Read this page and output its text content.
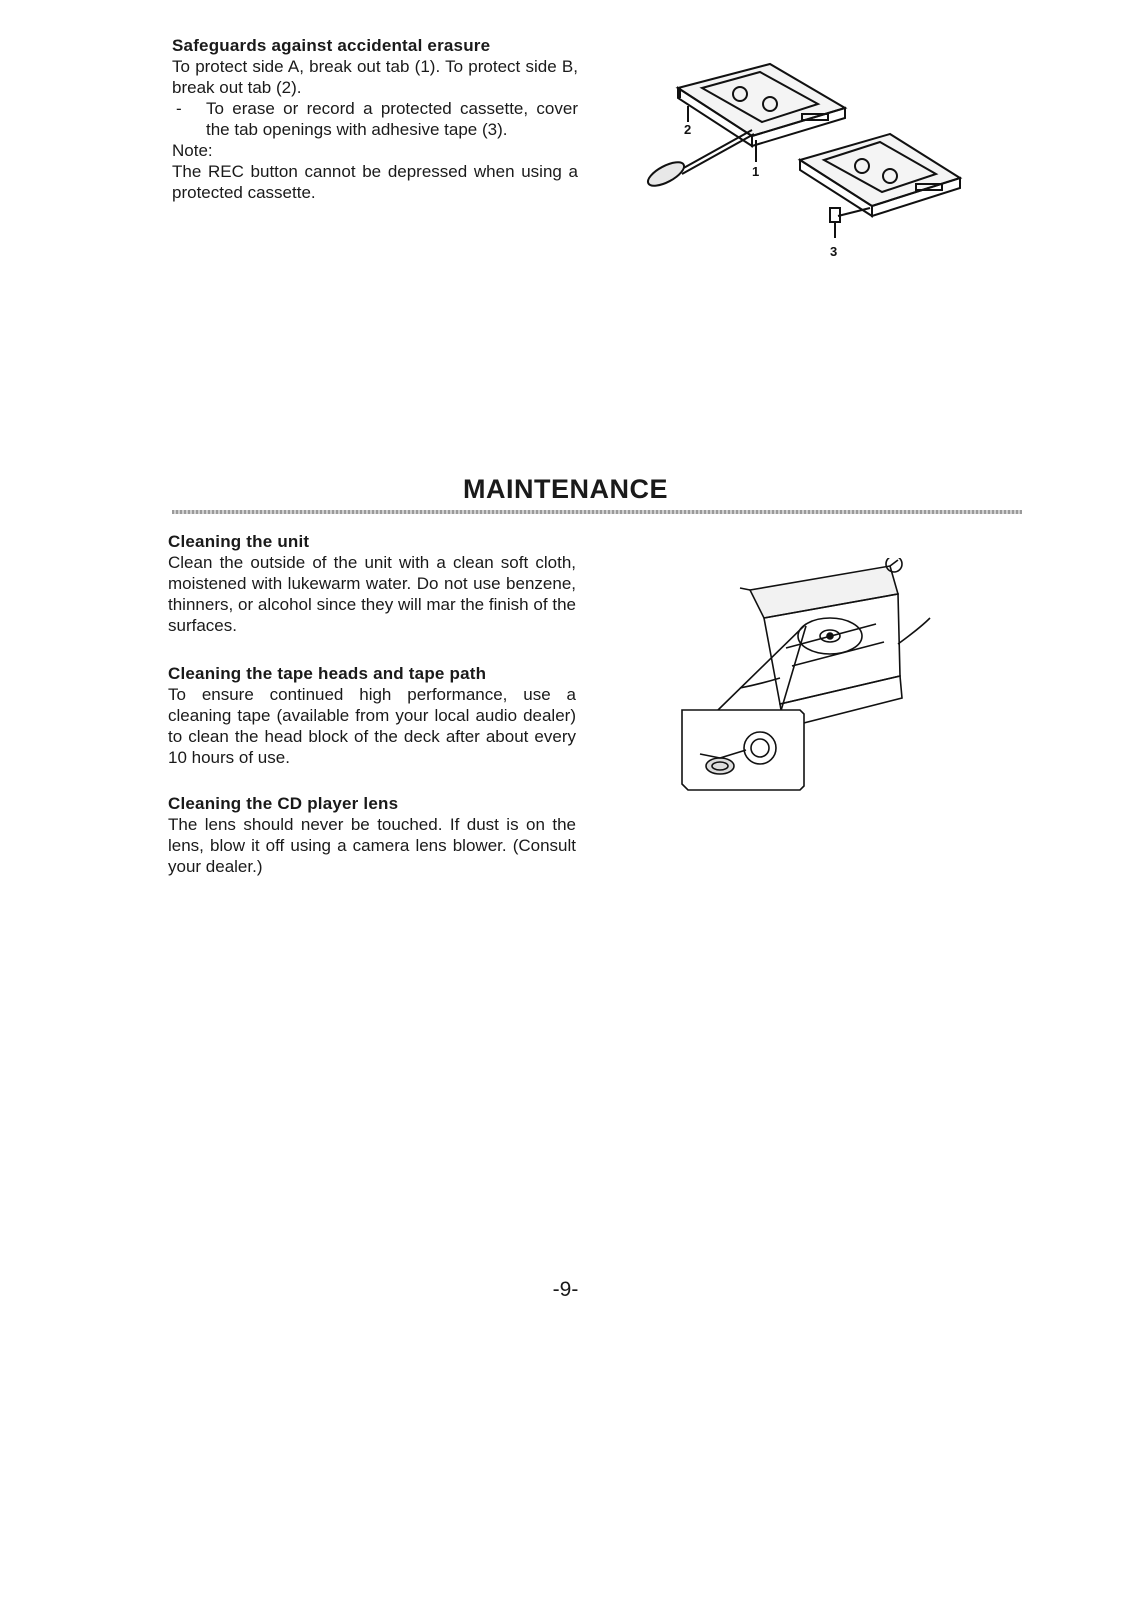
Safeguards against accidental erasure

To protect side A, break out tab (1). To protect side B, break out tab (2).

- To erase or record a protected cassette, cover the tab openings with adhesive tape (3).

Note:

The REC button cannot be depressed when using a protected cassette.

2
1
3
MAINTENANCE
Cleaning the unit

Clean the outside of the unit with a clean soft cloth, moistened with lukewarm water. Do not use benzene, thinners, or alcohol since they will mar the finish of the surfaces.

Cleaning the tape heads and tape path

To ensure continued high performance, use a cleaning tape (available from your local audio dealer) to clean the head block of the deck after about every 10 hours of use.

Cleaning the CD player lens

The lens should never be touched. If dust is on the lens, blow it off using a camera lens blower. (Consult your dealer.)

-9-
